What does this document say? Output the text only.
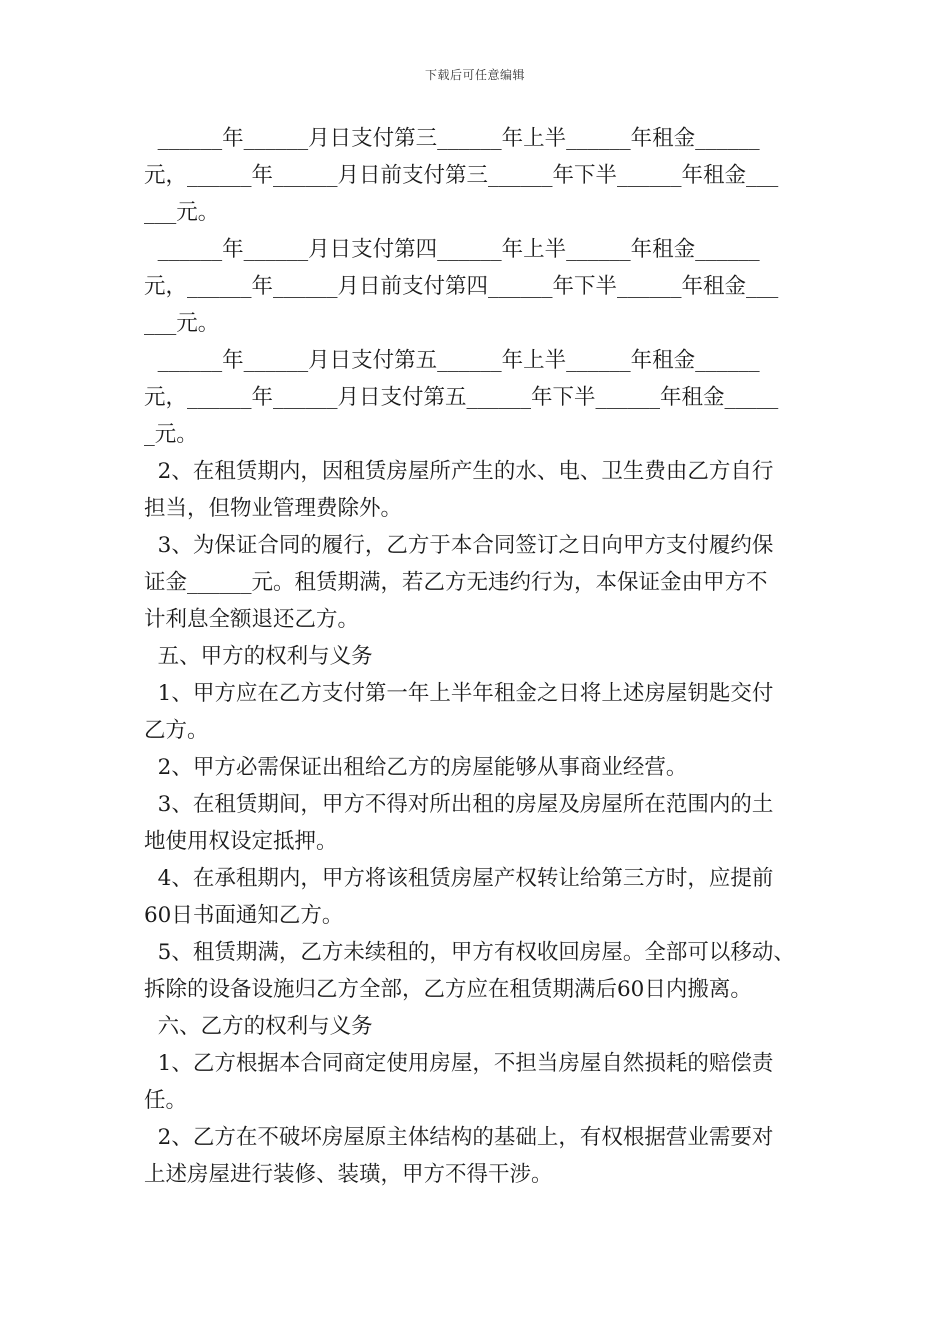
下载后可任意编辑
______年______月日支付第三______年上半______年租金______
元，______年______月日前支付第三______年下半______年租金___
___元。
______年______月日支付第四______年上半______年租金______
元，______年______月日前支付第四______年下半______年租金___
___元。
______年______月日支付第五______年上半______年租金______
元，______年______月日支付第五______年下半______年租金_____
_元。
2、在租赁期内，因租赁房屋所产生的水、电、卫生费由乙方自行
担当，但物业管理费除外。
3、为保证合同的履行，乙方于本合同签订之日向甲方支付履约保
证金______元。租赁期满，若乙方无违约行为，本保证金由甲方不
计利息全额退还乙方。
五、甲方的权利与义务
1、甲方应在乙方支付第一年上半年租金之日将上述房屋钥匙交付
乙方。
2、甲方必需保证出租给乙方的房屋能够从事商业经营。
3、在租赁期间，甲方不得对所出租的房屋及房屋所在范围内的土
地使用权设定抵押。
4、在承租期内，甲方将该租赁房屋产权转让给第三方时，应提前
60日书面通知乙方。
5、租赁期满，乙方未续租的，甲方有权收回房屋。全部可以移动、
拆除的设备设施归乙方全部，乙方应在租赁期满后60日内搬离。
六、乙方的权利与义务
1、乙方根据本合同商定使用房屋，不担当房屋自然损耗的赔偿责
任。
2、乙方在不破坏房屋原主体结构的基础上，有权根据营业需要对
上述房屋进行装修、装璜，甲方不得干涉。
